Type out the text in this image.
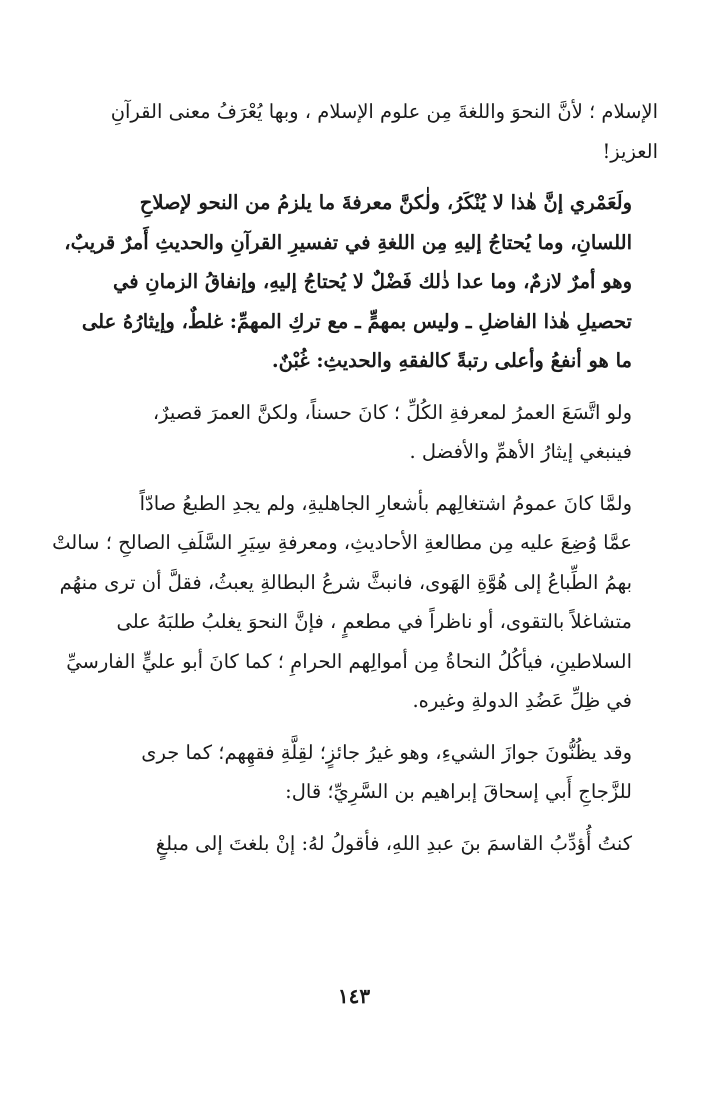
الإسلام ؛ لأنَّ النحوَ واللغةَ مِن علوم الإسلام ، وبها يُعْرَفُ معنى القرآنِ
العزيز!

ولَعَمْري إنَّ هٰذا لا يُنْكَرُ، ولٰكنَّ معرفةَ ما يلزمُ من النحو لإصلاحِ
اللسانِ، وما يُحتاجُ إليهِ مِن اللغةِ في تفسيرِ القرآنِ والحديثِ أَمرٌ قريبٌ،
وهو أمرٌ لازمٌ، وما عدا ذٰلك فَضْلٌ لا يُحتاجُ إليهِ، وإنفاقُ الزمانِ في
تحصيلِ هٰذا الفاضلِ ـ وليس بمهمٍّ ـ مع تركِ المهمِّ: غلطٌ، وإيثارُهُ على
ما هو أنفعُ وأعلى رتبةً كالفقهِ والحديثِ: غُبْنٌ.

ولو اتَّسَعَ العمرُ لمعرفةِ الكُلِّ ؛ كانَ حسناً، ولكنَّ العمرَ قصيرٌ،
فينبغي إيثارُ الأهمِّ والأفضل .

ولمَّا كانَ عمومُ اشتغالِهم بأشعارِ الجاهليةِ، ولم يجدِ الطبعُ صادّاً
عمَّا وُضِعَ عليه مِن مطالعةِ الأحاديثِ، ومعرفةِ سِيَرِ السَّلَفِ الصالحِ ؛ سالتْ
بهمُ الطِّباعُ إلى هُوَّةِ الهَوى، فانبثَّ شرعُ البطالةِ يعبثُ، فقلَّ أن ترى منهُم
متشاغلاً بالتقوى، أو ناظراً في مطعمٍ ، فإنَّ النحوَ يغلبُ طلبَهُ على
السلاطينِ، فيأكُلُ النحاةُ مِن أموالِهم الحرامِ ؛ كما كانَ أبو عليٍّ الفارسيِّ
في ظِلِّ عَضُدِ الدولةِ وغيره.

وقد يظُنُّونَ جوازَ الشيءِ، وهو غيرُ جائزٍ؛ لقِلَّةِ فقهِهم؛ كما جرى
للزَّجاجِ أَبي إسحاقَ إبراهيم بن السَّرِيِّ؛ قال:

كنتُ أُؤدِّبُ القاسمَ بنَ عبدِ اللهِ، فأقولُ لهُ: إنْ بلغتَ إلى مبلغٍ

١٤٣
